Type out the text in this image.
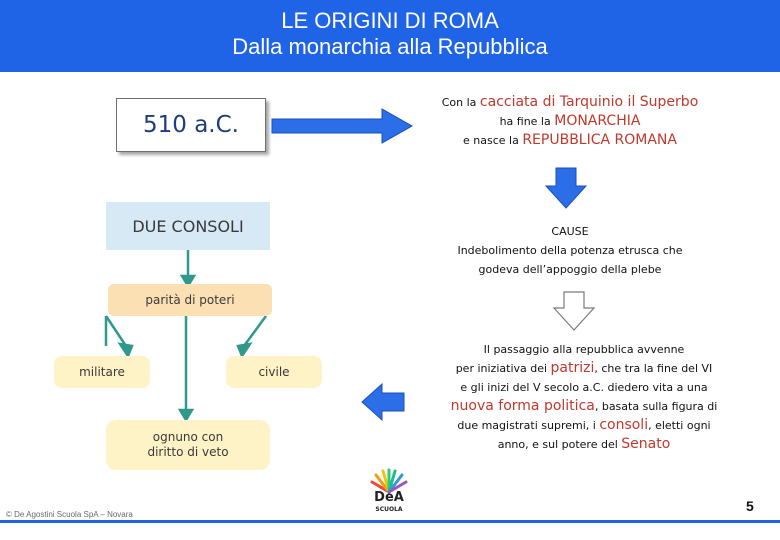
LE ORIGINI DI ROMA
Dalla monarchia alla Repubblica
510 a.C.
Con la cacciata di Tarquinio il Superbo
ha fine la MONARCHIA
e nasce la REPUBBLICA ROMANA
CAUSE
Indebolimento della potenza etrusca che
godeva dell’appoggio della plebe
Il passaggio alla repubblica avvenne
per iniziativa dei patrizi, che tra la fine del VI
e gli inizi del V secolo a.C. diedero vita a una
nuova forma politica, basata sulla figura di
due magistrati supremi, i consoli, eletti ogni
anno, e sul potere del Senato
DUE CONSOLI
parità di poteri
militare	civile
ognuno con
diritto di veto
DeA
SCUOLA
© De Agostini Scuola SpA – Novara
5
